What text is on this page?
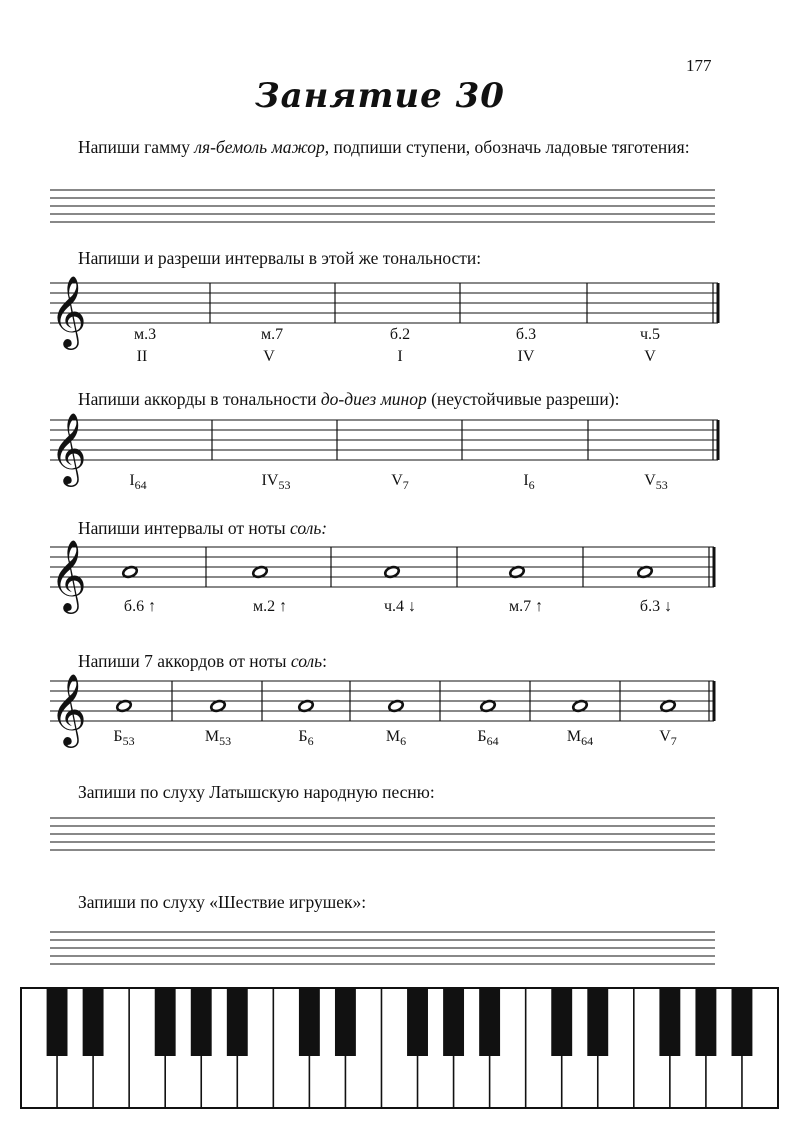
177
Занятие 30
Напиши гамму ля-бемоль мажор, подпиши ступени, обозначь ладовые тяготения:
Напиши и разреши интервалы в этой же тональности:
м.3	м.7	б.2	б.3	ч.5
II	V	I	IV	V
Напиши аккорды в тональности до-диез минор (неустойчивые разреши):
$I_{64}$	$IV_{53}$	$V_7$	$I_6$	$V_{53}$
Напиши интервалы от ноты соль:
б.6 ↑	м.2 ↑	ч.4 ↓	м.7 ↑	б.3 ↓
Напиши 7 аккордов от ноты соль:
$Б_{53}$	$М_{53}$	$Б_6$	$М_6$	$Б_{64}$	$М_{64}$	$V_7$
Запиши по слуху Латышскую народную песню:
Запиши по слуху «Шествие игрушек»:
𝄞
𝄞
𝄞
𝄞
